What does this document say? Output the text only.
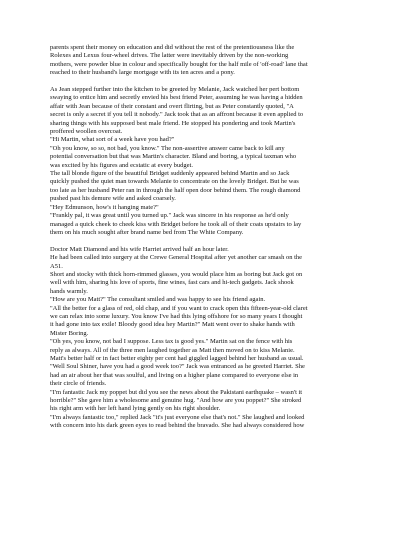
parents spent their money on education and did without the rest of the pretentiousness like the
Rolexes and Lexus four-wheel drives. The latter were inevitably driven by the non-working
mothers, were powder blue in colour and specifically bought for the half mile of 'off-road' lane that
reached to their husband's large mortgage with its ten acres and a pony.
As Jean stepped further into the kitchen to be greeted by Melanie, Jack watched her pert bottom
swaying to entice him and secretly envied his best friend Peter, assuming he was having a hidden
affair with Jean because of their constant and overt flirting, but as Peter constantly quoted, "A
secret is only a secret if you tell it nobody." Jack took that as an affront because it even applied to
sharing things with his supposed best male friend. He stopped his pondering and took Martin's
proffered woollen overcoat.
"Hi Martin, what sort of a week have you had?"
"Oh you know, so so, not bad, you know." The non-assertive answer came back to kill any
potential conversation but that was Martin's character. Bland and boring, a typical taxman who
was excited by his figures and ecstatic at every budget.
The tall blonde figure of the beautiful Bridget suddenly appeared behind Martin and so Jack
quickly pushed the quiet man towards Melanie to concentrate on the lovely Bridget. But he was
too late as her husband Peter ran in through the half open door behind them. The rough diamond
pushed past his demure wife and asked coarsely.
"Hey Edmunson, how's it hanging mate?"
"Frankly pal, it was great until you turned up." Jack was sincere in his response as he'd only
managed a quick cheek to cheek kiss with Bridget before he took all of their coats upstairs to lay
them on his much sought after brand name bed from The White Company.
Doctor Matt Diamond and his wife Harriet arrived half an hour later.
He had been called into surgery at the Crewe General Hospital after yet another car smash on the
A51.
Short and stocky with thick horn-rimmed glasses, you would place him as boring but Jack got on
well with him, sharing his love of sports, fine wines, fast cars and hi-tech gadgets. Jack shook
hands warmly.
"How are you Matt?" The consultant smiled and was happy to see his friend again.
"All the better for a glass of red, old chap, and if you want to crack open this fifteen-year-old claret
we can relax into some luxury. You know I've had this lying offshore for so many years I thought
it had gone into tax exile! Bloody good idea hey Martin?" Matt went over to shake hands with
Mister Boring.
"Oh yes, you know, not bad I suppose. Less tax is good yes." Martin sat on the fence with his
reply as always. All of the three men laughed together as Matt then moved on to kiss Melanie.
Matt's better half or in fact better eighty per cent had giggled lagged behind her husband as usual.
"Well Soul Shiner, have you had a good week too?" Jack was entranced as he greeted Harriet. She
had an air about her that was soulful, and living on a higher plane compared to everyone else in
their circle of friends.
"I'm fantastic Jack my poppet but did you see the news about the Pakistani earthquake – wasn't it
horrible?" She gave him a wholesome and genuine hug. "And how are you poppet?" She stroked
his right arm with her left hand lying gently on his right shoulder.
"I'm always fantastic too," replied Jack "it's just everyone else that's not." She laughed and looked
with concern into his dark green eyes to read behind the bravado. She had always considered how
